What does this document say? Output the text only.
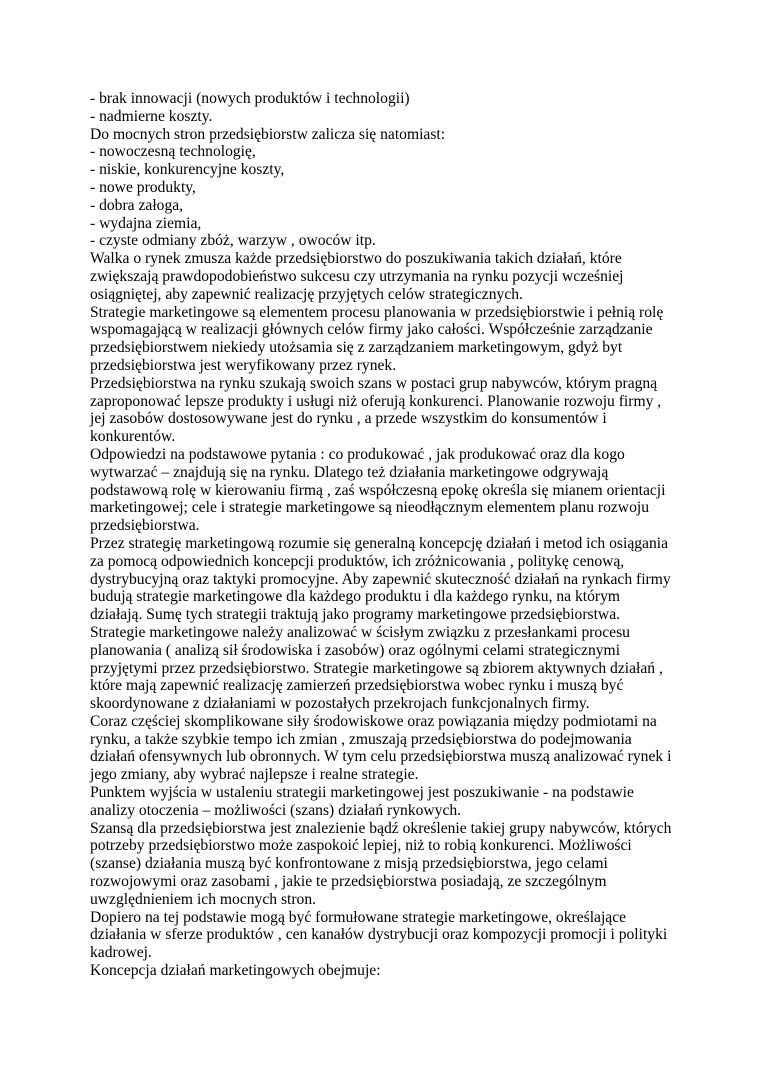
- brak innowacji (nowych produktów i technologii)

- nadmierne koszty.

Do mocnych stron przedsiębiorstw zalicza się natomiast:

- nowoczesną technologię,

- niskie, konkurencyjne koszty,

- nowe produkty,

- dobra załoga,

- wydajna ziemia,

- czyste odmiany zbóż, warzyw , owoców itp.

Walka o rynek zmusza każde przedsiębiorstwo do poszukiwania takich działań, które zwiększają prawdopodobieństwo sukcesu czy utrzymania na rynku pozycji wcześniej osiągniętej, aby zapewnić realizację przyjętych celów strategicznych.

Strategie marketingowe są elementem procesu planowania w przedsiębiorstwie i pełnią rolę wspomagającą w realizacji głównych celów firmy jako całości. Współcześnie zarządzanie przedsiębiorstwem niekiedy utożsamia się z zarządzaniem marketingowym, gdyż byt przedsiębiorstwa jest weryfikowany przez rynek.

Przedsiębiorstwa na rynku szukają swoich szans w postaci grup nabywców, którym pragną zaproponować lepsze produkty i usługi niż oferują konkurenci. Planowanie rozwoju firmy , jej zasobów dostosowywane jest do rynku , a przede wszystkim do konsumentów i konkurentów.

Odpowiedzi na podstawowe pytania : co produkować , jak produkować oraz dla kogo wytwarzać – znajdują się na rynku. Dlatego też działania marketingowe odgrywają podstawową rolę w kierowaniu firmą , zaś współczesną epokę określa się mianem orientacji marketingowej; cele i strategie marketingowe są nieodłącznym elementem planu rozwoju przedsiębiorstwa.

Przez strategię marketingową rozumie się generalną koncepcję działań i metod ich osiągania za pomocą odpowiednich koncepcji produktów, ich zróżnicowania , politykę cenową, dystrybucyjną oraz taktyki promocyjne. Aby zapewnić skuteczność działań na rynkach firmy budują strategie marketingowe dla każdego produktu i dla każdego rynku, na którym działają. Sumę tych strategii traktują jako programy marketingowe przedsiębiorstwa.

Strategie marketingowe należy analizować w ścisłym związku z przesłankami procesu planowania ( analizą sił środowiska i zasobów) oraz ogólnymi celami strategicznymi przyjętymi przez przedsiębiorstwo. Strategie marketingowe są zbiorem aktywnych działań , które mają zapewnić realizację zamierzeń przedsiębiorstwa wobec rynku i muszą być skoordynowane z działaniami w pozostałych przekrojach funkcjonalnych firmy.

Coraz częściej skomplikowane siły środowiskowe oraz powiązania między podmiotami na rynku, a także szybkie tempo ich zmian , zmuszają przedsiębiorstwa do podejmowania działań ofensywnych lub obronnych. W tym celu przedsiębiorstwa muszą analizować rynek i jego zmiany, aby wybrać najlepsze i realne strategie.

Punktem wyjścia w ustaleniu strategii marketingowej jest poszukiwanie - na podstawie analizy otoczenia – możliwości (szans) działań rynkowych.

Szansą dla przedsiębiorstwa jest znalezienie bądź określenie takiej grupy nabywców, których potrzeby przedsiębiorstwo może zaspokoić lepiej, niż to robią konkurenci. Możliwości (szanse) działania muszą być konfrontowane z misją przedsiębiorstwa, jego celami rozwojowymi oraz zasobami , jakie te przedsiębiorstwa posiadają, ze szczególnym uwzględnieniem ich mocnych stron.

Dopiero na tej podstawie mogą być formułowane strategie marketingowe, określające działania w sferze produktów , cen kanałów dystrybucji oraz kompozycji promocji i polityki kadrowej.

Koncepcja działań marketingowych obejmuje:
